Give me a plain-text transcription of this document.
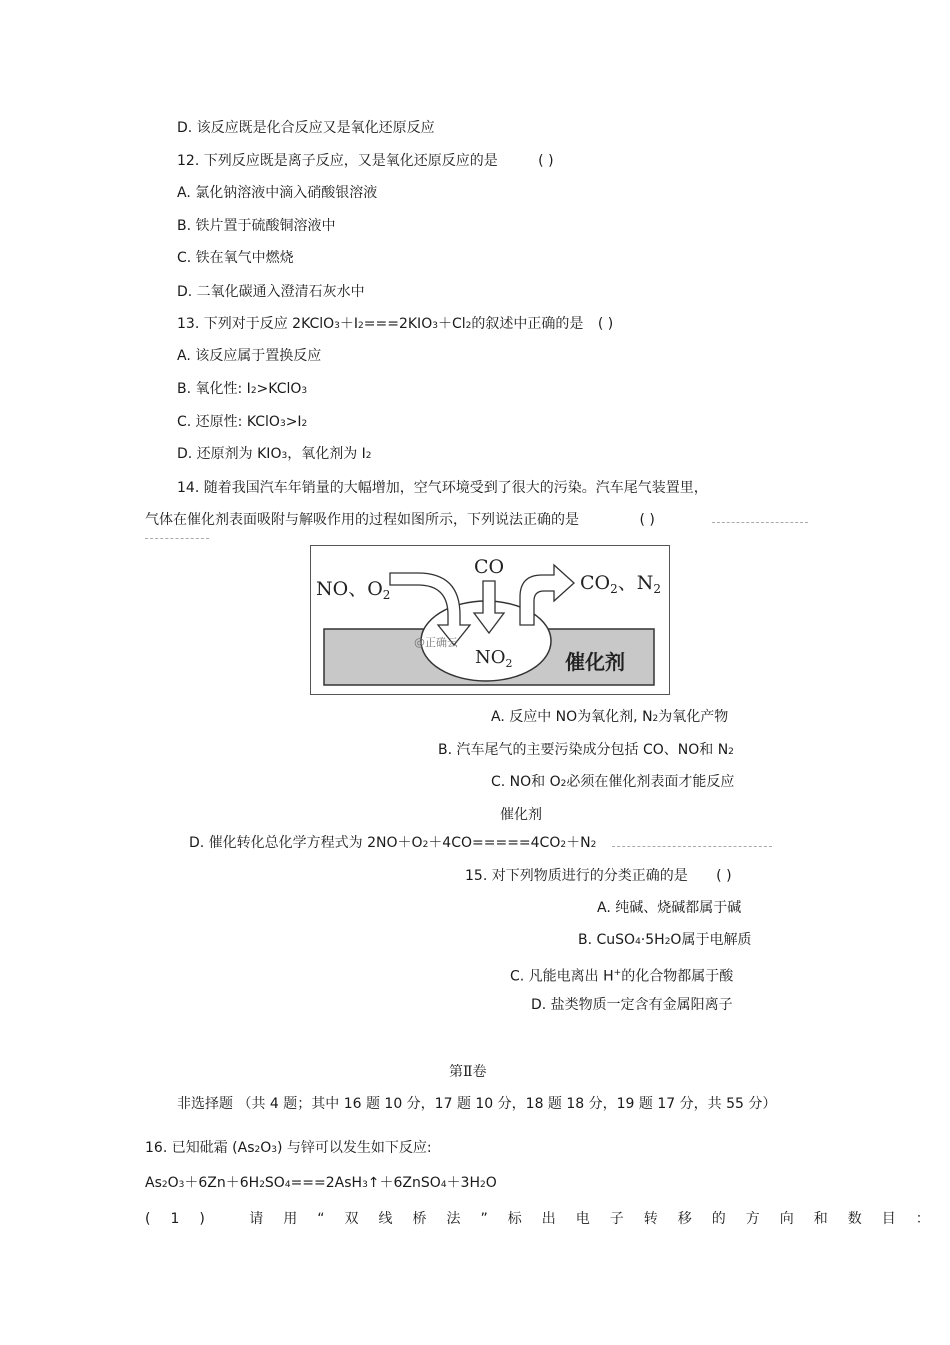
D. 该反应既是化合反应又是氧化还原反应
12. 下列反应既是离子反应，又是氧化还原反应的是	( )
A. 氯化钠溶液中滴入硝酸银溶液
B. 铁片置于硫酸铜溶液中
C. 铁在氧气中燃烧
D. 二氧化碳通入澄清石灰水中
13. 下列对于反应 2KClO3＋I2===2KIO3＋Cl2的叙述中正确的是 ( )
A. 该反应属于置换反应
B. 氧化性: I2>KClO3
C. 还原性: KClO3>I2
D. 还原剂为 KIO3，氧化剂为 I2
14. 随着我国汽车年销量的大幅增加，空气环境受到了很大的污染。汽车尾气装置里，
气体在催化剂表面吸附与解吸作用的过程如图所示，下列说法正确的是	( )
NO、$O_2$
CO
$CO_2$、$N_2$
$NO_2$	催化剂
@正确云
A. 反应中 NO为氧化剂, N2为氧化产物
B. 汽车尾气的主要污染成分包括 CO、NO和 N2
C. NO和 O2必须在催化剂表面才能反应
催化剂
D. 催化转化总化学方程式为 2NO＋O2＋4CO=====4CO2＋N2
15. 对下列物质进行的分类正确的是 ( )
A. 纯碱、烧碱都属于碱
B. CuSO4·5H2O属于电解质
C. 凡能电离出 H+的化合物都属于酸
D. 盐类物质一定含有金属阳离子
第Ⅱ卷
非选择题 （共 4 题；其中 16 题 10 分，17 题 10 分，18 题 18 分，19 题 17 分，共 55 分）
16. 已知砒霜 (As2O3) 与锌可以发生如下反应:
As2O3＋6Zn＋6H2SO4===2AsH3↑＋6ZnSO4＋3H2O
(1) 请用“双线桥法”标出电子转移的方向和数目：
